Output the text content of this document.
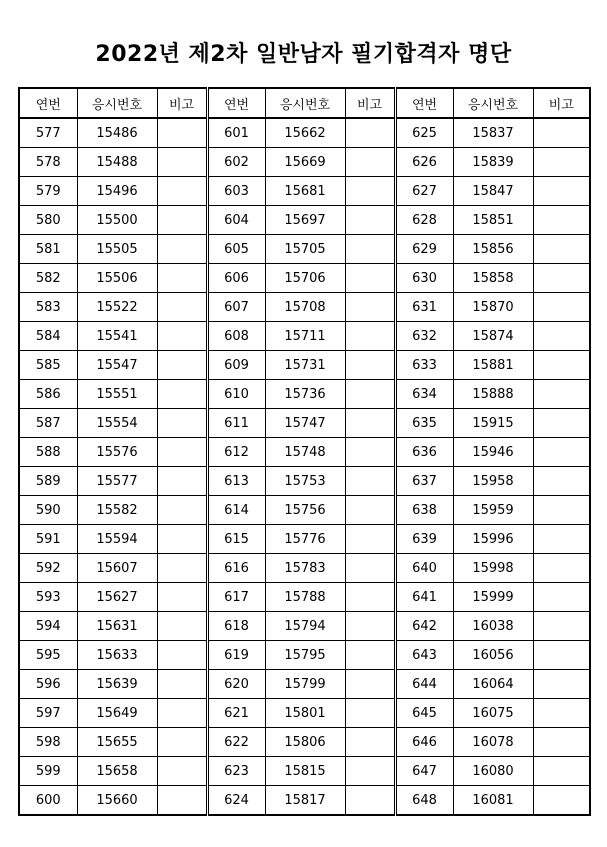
2022년 제2차 일반남자 필기합격자 명단
연번	응시번호	비고	연번	응시번호	비고	연번	응시번호	비고
577	15486		601	15662		625	15837	
578	15488		602	15669		626	15839	
579	15496		603	15681		627	15847	
580	15500		604	15697		628	15851	
581	15505		605	15705		629	15856	
582	15506		606	15706		630	15858	
583	15522		607	15708		631	15870	
584	15541		608	15711		632	15874	
585	15547		609	15731		633	15881	
586	15551		610	15736		634	15888	
587	15554		611	15747		635	15915	
588	15576		612	15748		636	15946	
589	15577		613	15753		637	15958	
590	15582		614	15756		638	15959	
591	15594		615	15776		639	15996	
592	15607		616	15783		640	15998	
593	15627		617	15788		641	15999	
594	15631		618	15794		642	16038	
595	15633		619	15795		643	16056	
596	15639		620	15799		644	16064	
597	15649		621	15801		645	16075	
598	15655		622	15806		646	16078	
599	15658		623	15815		647	16080	
600	15660		624	15817		648	16081	
